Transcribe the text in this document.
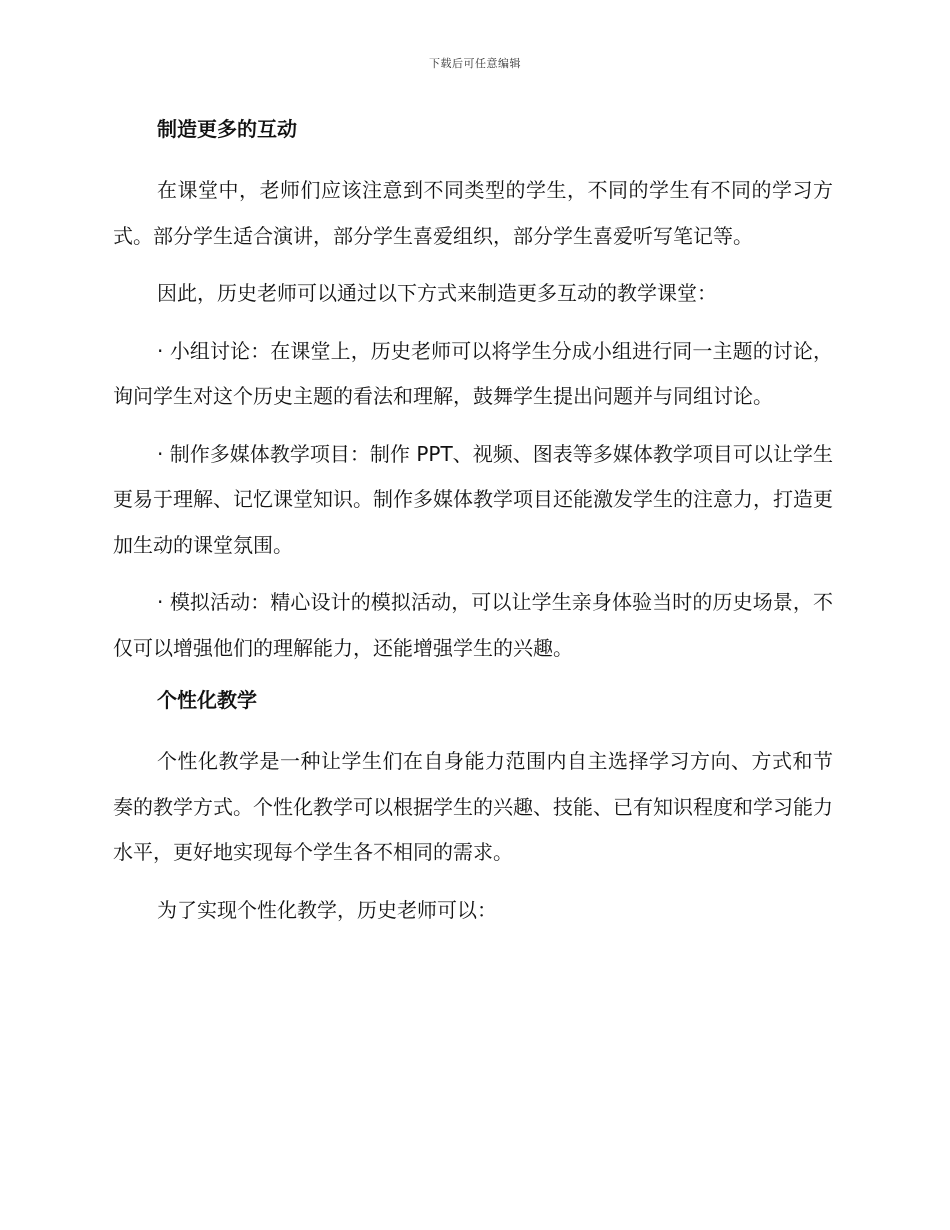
下载后可任意编辑
制造更多的互动

在课堂中，老师们应该注意到不同类型的学生，不同的学生有不同的学习方式。部分学生适合演讲，部分学生喜爱组织，部分学生喜爱听写笔记等。

因此，历史老师可以通过以下方式来制造更多互动的教学课堂：

· 小组讨论：在课堂上，历史老师可以将学生分成小组进行同一主题的讨论，询问学生对这个历史主题的看法和理解，鼓舞学生提出问题并与同组讨论。

· 制作多媒体教学项目：制作 PPT、视频、图表等多媒体教学项目可以让学生更易于理解、记忆课堂知识。制作多媒体教学项目还能激发学生的注意力，打造更加生动的课堂氛围。

· 模拟活动：精心设计的模拟活动，可以让学生亲身体验当时的历史场景，不仅可以增强他们的理解能力，还能增强学生的兴趣。

个性化教学

个性化教学是一种让学生们在自身能力范围内自主选择学习方向、方式和节奏的教学方式。个性化教学可以根据学生的兴趣、技能、已有知识程度和学习能力水平，更好地实现每个学生各不相同的需求。

为了实现个性化教学，历史老师可以：
